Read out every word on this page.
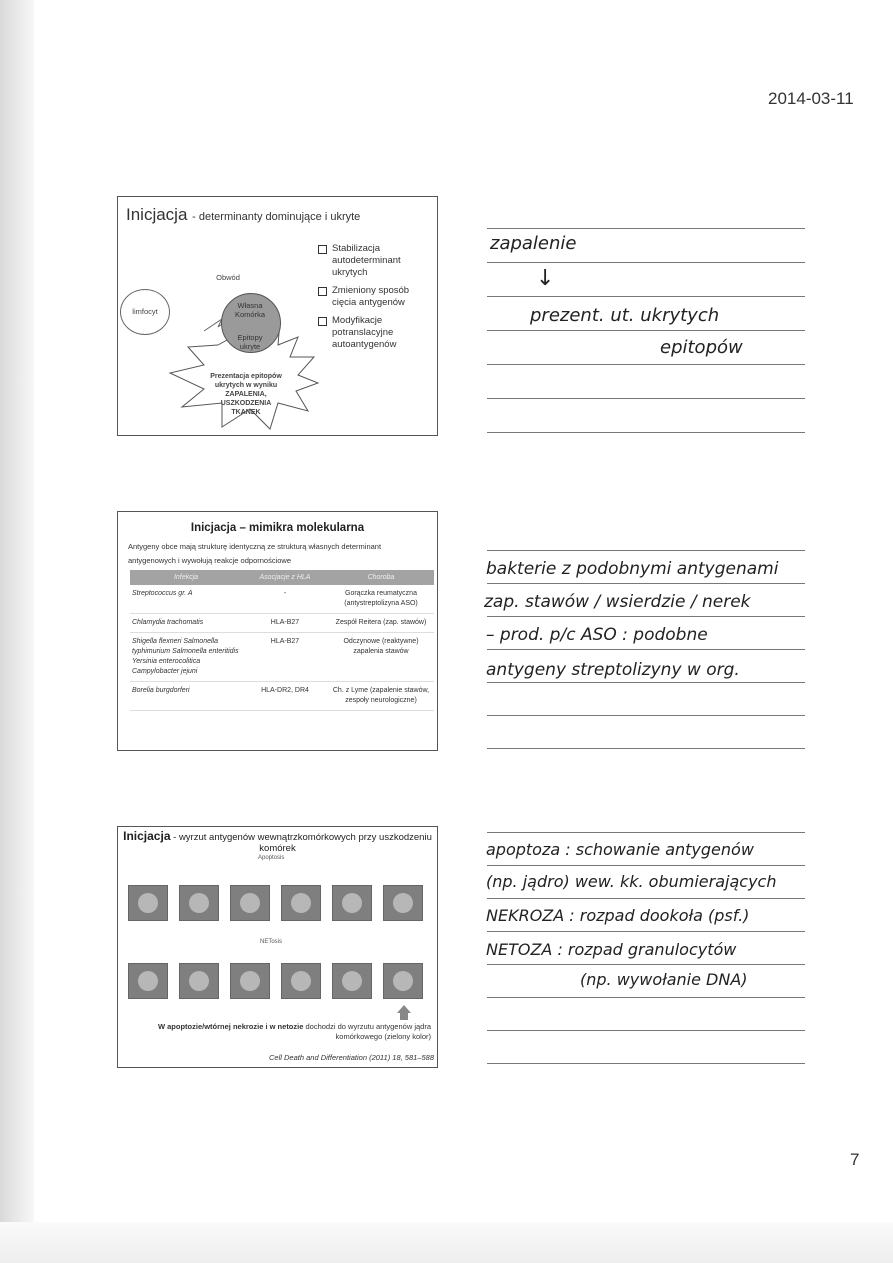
2014-03-11
Inicjacja - determinanty dominujące i ukryte
Obwód
limfocyt
Własna Komórka
Epitopy ukryte
Prezentacja epitopów ukrytych w wyniku ZAPALENIA, USZKODZENIA TKANEK
Stabilizacja autodeterminant ukrytych
Zmieniony sposób cięcia antygenów
Modyfikacje potranslacyjne autoantygenów
Inicjacja – mimikra molekularna
Antygeny obce mają strukturę identyczną ze strukturą własnych determinant antygenowych i wywołują reakcje odpornościowe
Infekcja	Asocjacje z HLA	Choroba
Streptococcus gr. A	-	Gorączka reumatyczna (antystreptolizyna ASO)
Chlamydia trachomatis	HLA-B27	Zespół Reitera (zap. stawów)
Shigella flexneri Salmonella typhimurium Salmonella enteritidis Yersinia enterocolitica Campylobacter jejuni	HLA-B27	Odczynowe (reaktywne) zapalenia stawów
Borelia burgdorferi	HLA-DR2, DR4	Ch. z Lyme (zapalenie stawów, zespoły neurologiczne)
Inicjacja - wyrzut antygenów wewnątrzkomórkowych przy uszkodzeniu komórek
Apoptosis
NETosis
W apoptozie/wtórnej nekrozie i w netozie dochodzi do wyrzutu antygenów jądra komórkowego (zielony kolor)
Cell Death and Differentiation (2011) 18, 581–588
zapalenie
↓
prezent. ut. ukrytych
epitopów
bakterie z podobnymi antygenami
zap. stawów / wsierdzie / nerek
– prod. p/c ASO : podobne
antygeny streptolizyny w org.
apoptoza : schowanie antygenów
(np. jądro) wew. kk. obumierających
NEKROZA : rozpad dookoła (psf.)
NETOZA : rozpad granulocytów
(np. wywołanie DNA)
7
